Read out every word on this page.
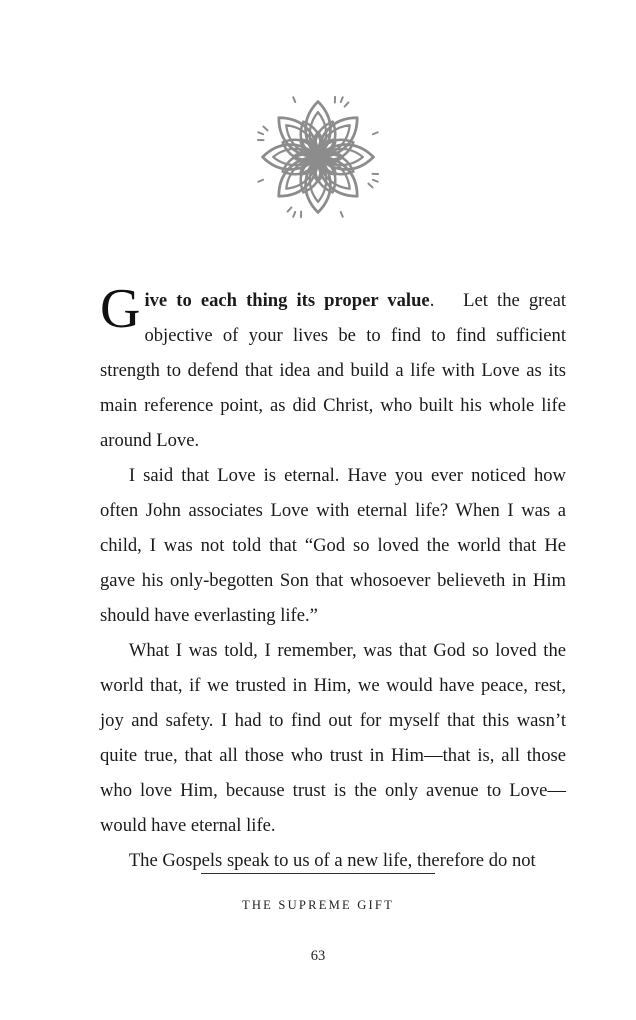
Give to each thing its proper value. Let the great objective of your lives be to find to find sufficient strength to defend that idea and build a life with Love as its main reference point, as did Christ, who built his whole life around Love.

I said that Love is eternal. Have you ever noticed how often John associates Love with eternal life? When I was a child, I was not told that “God so loved the world that He gave his only-begotten Son that whosoever believeth in Him should have everlasting life.”

What I was told, I remember, was that God so loved the world that, if we trusted in Him, we would have peace, rest, joy and safety. I had to find out for myself that this wasn’t quite true, that all those who trust in Him—that is, all those who love Him, because trust is the only avenue to Love—would have eternal life.

The Gospels speak to us of a new life, therefore do not

THE SUPREME GIFT
63
